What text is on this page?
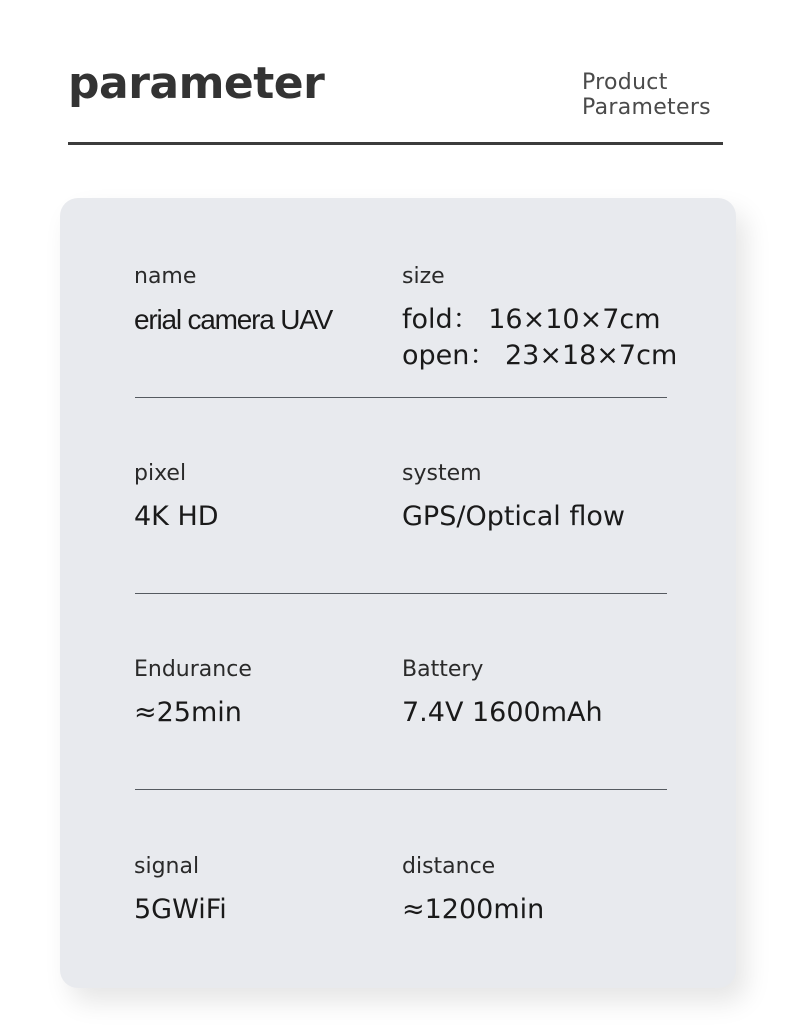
parameter	Product
Parameters
name
erial camera UAV
size
fold： 16×10×7cm
open： 23×18×7cm
pixel
4K HD
system
GPS/Optical flow
Endurance
≈25min
Battery
7.4V 1600mAh
signal
5GWiFi
distance
≈1200min
